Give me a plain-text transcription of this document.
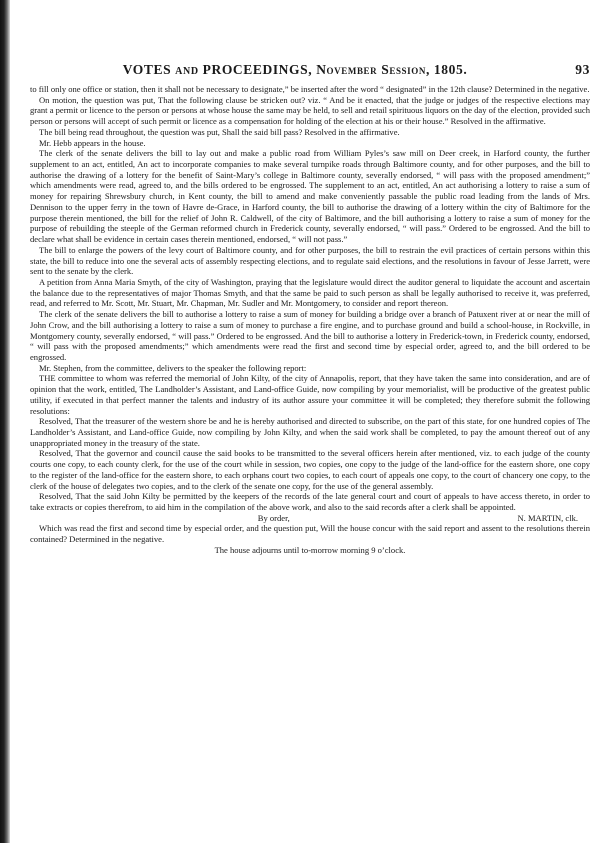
VOTES AND PROCEEDINGS, November Session, 1805.	93

to fill only one office or station, then it shall not be necessary to designate,” be inserted after the word “ designated” in the 12th clause? Determined in the negative.

On motion, the question was put, That the following clause be stricken out? viz. “ And be it enacted, that the judge or judges of the respective elections may grant a permit or licence to the person or persons at whose house the same may be held, to sell and retail spirituous liquors on the day of the election, provided such person or persons will accept of such permit or licence as a compensation for holding of the election at his or their house.” Resolved in the affirmative.

The bill being read throughout, the question was put, Shall the said bill pass? Resolved in the affirmative.

Mr. Hebb appears in the house.

The clerk of the senate delivers the bill to lay out and make a public road from William Pyles’s saw mill on Deer creek, in Harford county, the further supplement to an act, entitled, An act to incorporate companies to make several turnpike roads through Baltimore county, and for other purposes, and the bill to authorise the drawing of a lottery for the benefit of Saint-Mary’s college in Baltimore county, severally endorsed, “ will pass with the proposed amendment;” which amendments were read, agreed to, and the bills ordered to be engrossed. The supplement to an act, entitled, An act authorising a lottery to raise a sum of money for repairing Shrewsbury church, in Kent county, the bill to amend and make conveniently passable the public road leading from the lands of Mrs. Dennison to the upper ferry in the town of Havre de-Grace, in Harford county, the bill to authorise the drawing of a lottery within the city of Baltimore for the purpose therein mentioned, the bill for the relief of John R. Caldwell, of the city of Baltimore, and the bill authorising a lottery to raise a sum of money for the purpose of rebuilding the steeple of the German reformed church in Frederick county, severally endorsed, “ will pass.” Ordered to be engrossed. And the bill to declare what shall be evidence in certain cases therein mentioned, endorsed, “ will not pass.”

The bill to enlarge the powers of the levy court of Baltimore county, and for other purposes, the bill to restrain the evil practices of certain persons within this state, the bill to reduce into one the several acts of assembly respecting elections, and to regulate said elections, and the resolutions in favour of Jesse Jarrett, were sent to the senate by the clerk.

A petition from Anna Maria Smyth, of the city of Washington, praying that the legislature would direct the auditor general to liquidate the account and ascertain the balance due to the representatives of major Thomas Smyth, and that the same be paid to such person as shall be legally authorised to receive it, was preferred, read, and referred to Mr. Scott, Mr. Stuart, Mr. Chapman, Mr. Sudler and Mr. Montgomery, to consider and report thereon.

The clerk of the senate delivers the bill to authorise a lottery to raise a sum of money for building a bridge over a branch of Patuxent river at or near the mill of John Crow, and the bill authorising a lottery to raise a sum of money to purchase a fire engine, and to purchase ground and build a school-house, in Rockville, in Montgomery county, severally endorsed, “ will pass.” Ordered to be engrossed. And the bill to authorise a lottery in Frederick-town, in Frederick county, endorsed, “ will pass with the proposed amendments;” which amendments were read the first and second time by especial order, agreed to, and the bill ordered to be engrossed.

Mr. Stephen, from the committee, delivers to the speaker the following report:

THE committee to whom was referred the memorial of John Kilty, of the city of Annapolis, report, that they have taken the same into consideration, and are of opinion that the work, entitled, The Landholder’s Assistant, and Land-office Guide, now compiling by your memorialist, will be productive of the greatest public utility, if executed in that perfect manner the talents and industry of its author assure your committee it will be completed; they therefore submit the following resolutions:

Resolved, That the treasurer of the western shore be and he is hereby authorised and directed to subscribe, on the part of this state, for one hundred copies of The Landholder’s Assistant, and Land-office Guide, now compiling by John Kilty, and when the said work shall be completed, to pay the amount thereof out of any unappropriated money in the treasury of the state.

Resolved, That the governor and council cause the said books to be transmitted to the several officers herein after mentioned, viz. to each judge of the county courts one copy, to each county clerk, for the use of the court while in session, two copies, one copy to the judge of the land-office for the eastern shore, one copy to the register of the land-office for the eastern shore, to each orphans court two copies, to each court of appeals one copy, to the court of chancery one copy, to the clerk of the house of delegates two copies, and to the clerk of the senate one copy, for the use of the general assembly.

Resolved, That the said John Kilty be permitted by the keepers of the records of the late general court and court of appeals to have access thereto, in order to take extracts or copies therefrom, to aid him in the compilation of the above work, and also to the said records after a clerk shall be appointed.

By order,	N. MARTIN, clk.

Which was read the first and second time by especial order, and the question put, Will the house concur with the said report and assent to the resolutions therein contained? Determined in the negative.

The house adjourns until to-morrow morning 9 o’clock.
